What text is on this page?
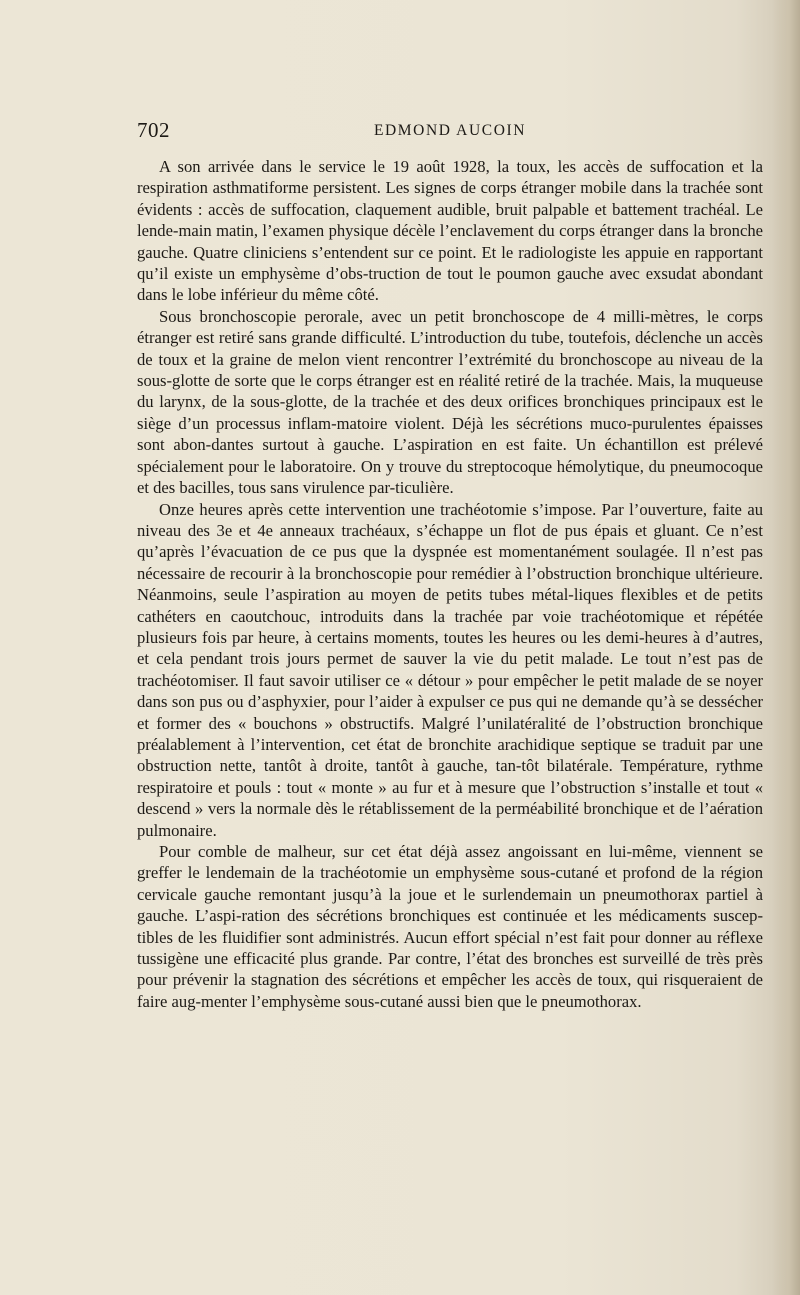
702	EDMOND AUCOIN

A son arrivée dans le service le 19 août 1928, la toux, les accès de suffocation et la respiration asthmatiforme persistent. Les signes de corps étranger mobile dans la trachée sont évidents : accès de suffocation, claquement audible, bruit palpable et battement trachéal. Le lende-main matin, l’examen physique décèle l’enclavement du corps étranger dans la bronche gauche. Quatre cliniciens s’entendent sur ce point. Et le radiologiste les appuie en rapportant qu’il existe un emphysème d’obs-truction de tout le poumon gauche avec exsudat abondant dans le lobe inférieur du même côté.

Sous bronchoscopie perorale, avec un petit bronchoscope de 4 milli-mètres, le corps étranger est retiré sans grande difficulté. L’introduction du tube, toutefois, déclenche un accès de toux et la graine de melon vient rencontrer l’extrémité du bronchoscope au niveau de la sous-glotte de sorte que le corps étranger est en réalité retiré de la trachée. Mais, la muqueuse du larynx, de la sous-glotte, de la trachée et des deux orifices bronchiques principaux est le siège d’un processus inflam-matoire violent. Déjà les sécrétions muco-purulentes épaisses sont abon-dantes surtout à gauche. L’aspiration en est faite. Un échantillon est prélevé spécialement pour le laboratoire. On y trouve du streptocoque hémolytique, du pneumocoque et des bacilles, tous sans virulence par-ticulière.

Onze heures après cette intervention une trachéotomie s’impose. Par l’ouverture, faite au niveau des 3e et 4e anneaux trachéaux, s’échappe un flot de pus épais et gluant. Ce n’est qu’après l’évacuation de ce pus que la dyspnée est momentanément soulagée. Il n’est pas nécessaire de recourir à la bronchoscopie pour remédier à l’obstruction bronchique ultérieure. Néanmoins, seule l’aspiration au moyen de petits tubes métal-liques flexibles et de petits cathéters en caoutchouc, introduits dans la trachée par voie trachéotomique et répétée plusieurs fois par heure, à certains moments, toutes les heures ou les demi-heures à d’autres, et cela pendant trois jours permet de sauver la vie du petit malade. Le tout n’est pas de trachéotomiser. Il faut savoir utiliser ce « détour » pour empêcher le petit malade de se noyer dans son pus ou d’asphyxier, pour l’aider à expulser ce pus qui ne demande qu’à se dessécher et former des « bouchons » obstructifs. Malgré l’unilatéralité de l’obstruction bronchique préalablement à l’intervention, cet état de bronchite arachidique septique se traduit par une obstruction nette, tantôt à droite, tantôt à gauche, tan-tôt bilatérale. Température, rythme respiratoire et pouls : tout « monte » au fur et à mesure que l’obstruction s’installe et tout « descend » vers la normale dès le rétablissement de la perméabilité bronchique et de l’aération pulmonaire.

Pour comble de malheur, sur cet état déjà assez angoissant en lui-même, viennent se greffer le lendemain de la trachéotomie un emphysème sous-cutané et profond de la région cervicale gauche remontant jusqu’à la joue et le surlendemain un pneumothorax partiel à gauche. L’aspi-ration des sécrétions bronchiques est continuée et les médicaments suscep-tibles de les fluidifier sont administrés. Aucun effort spécial n’est fait pour donner au réflexe tussigène une efficacité plus grande. Par contre, l’état des bronches est surveillé de très près pour prévenir la stagnation des sécrétions et empêcher les accès de toux, qui risqueraient de faire aug-menter l’emphysème sous-cutané aussi bien que le pneumothorax.
